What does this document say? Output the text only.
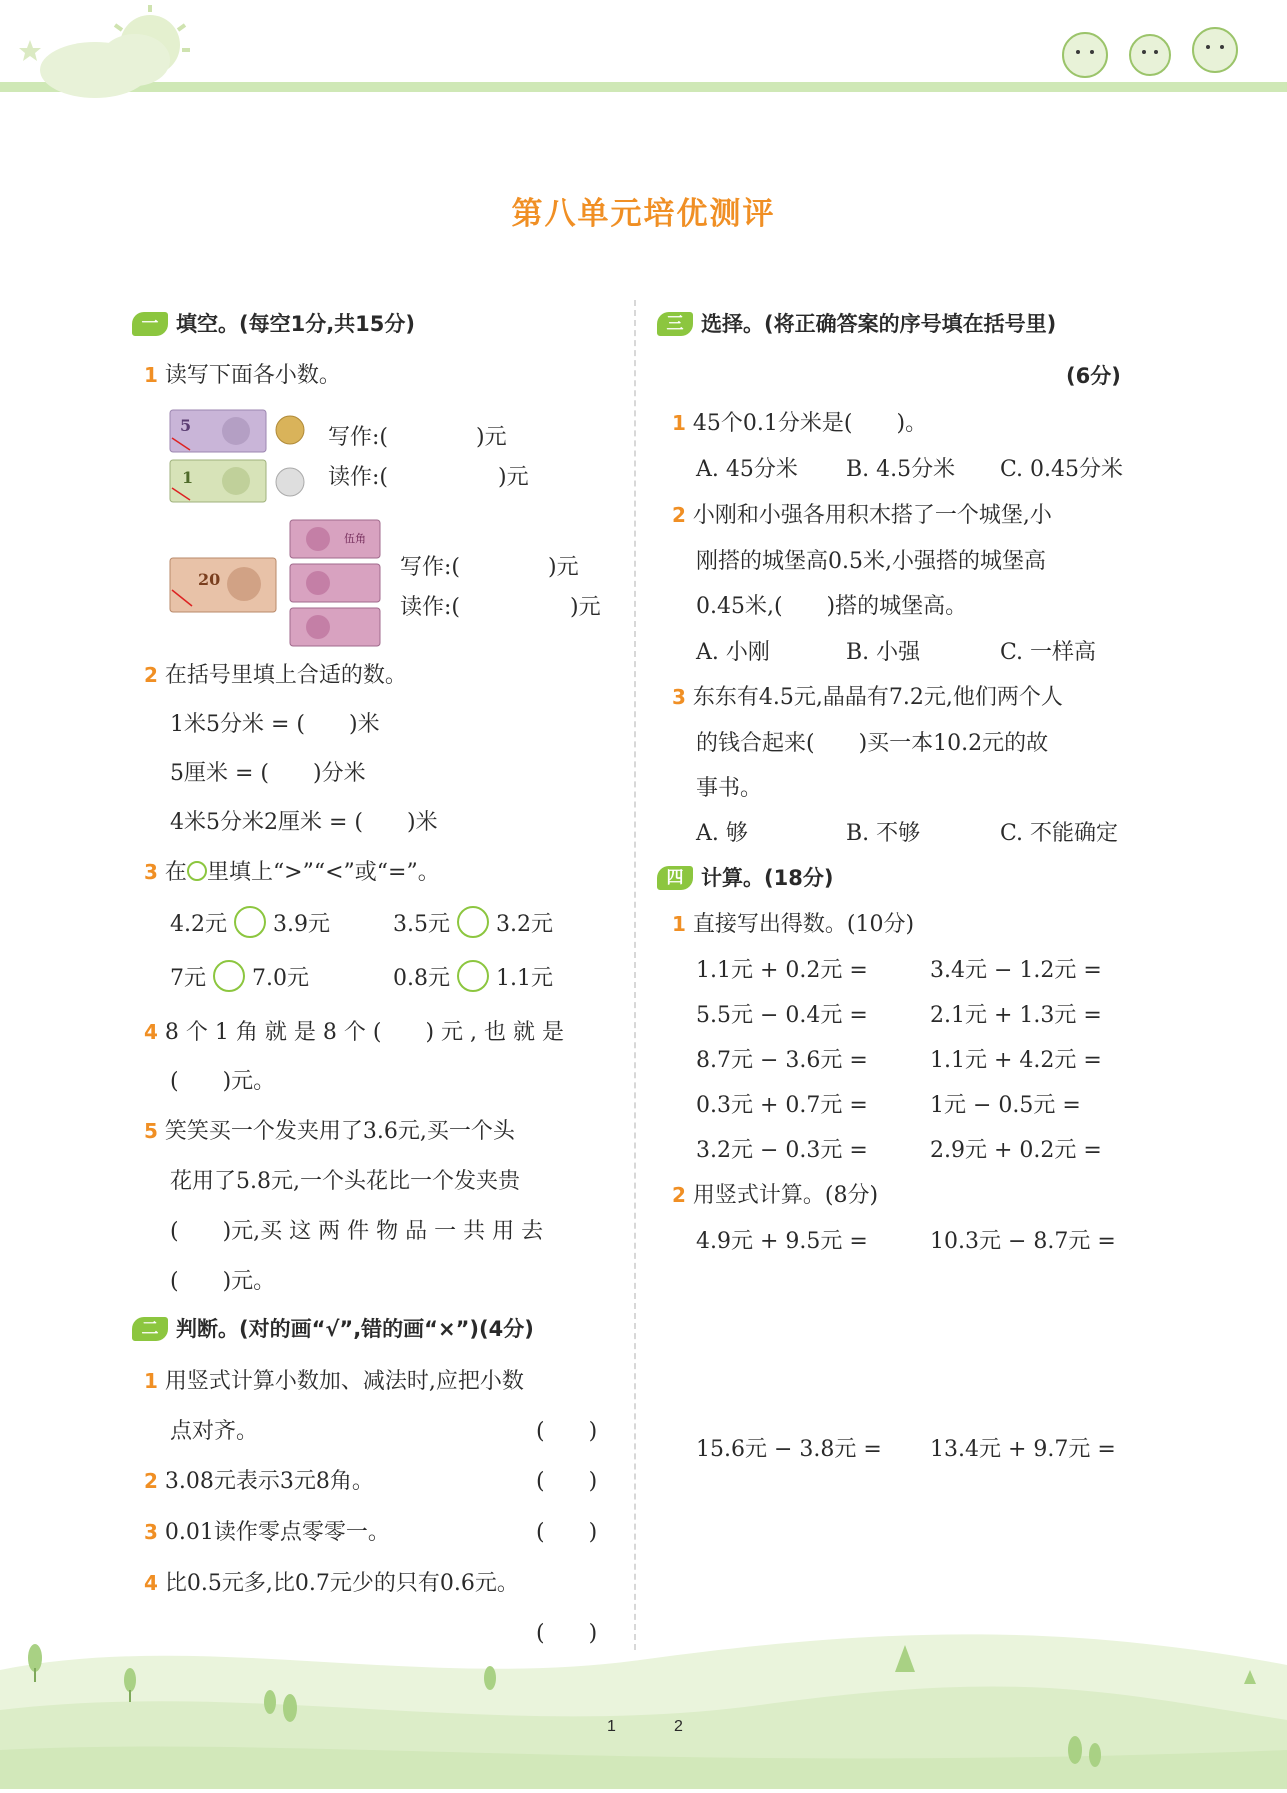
第八单元培优测评
一 填空。(每空1分,共15分)
1 读写下面各小数。
5
1
写作:(　　　　)元
读作:(　　　　　)元
20
伍角
写作:(　　　　)元
读作:(　　　　　)元
2 在括号里填上合适的数。
1米5分米 = (　　)米
5厘米 = (　　)分米
4米5分米2厘米 = (　　)米
3 在 里填上“>”“<”或“=”。
4.2元 3.9元	3.5元 3.2元
7元 7.0元	0.8元 1.1元
4 8 个 1 角 就 是 8 个 (　　) 元 , 也 就 是
(　　)元。
5 笑笑买一个发夹用了3.6元,买一个头
花用了5.8元,一个头花比一个发夹贵
(　　)元,买 这 两 件 物 品 一 共 用 去
(　　)元。
二 判断。(对的画“√”,错的画“×”)(4分)
1 用竖式计算小数加、减法时,应把小数
点对齐。	(　　)
2 3.08元表示3元8角。	(　　)
3 0.01读作零点零零一。	(　　)
4 比0.5元多,比0.7元少的只有0.6元。
(　　)
三 选择。(将正确答案的序号填在括号里)
(6分)
1 45个0.1分米是(　　)。
A. 45分米 B. 4.5分米 C. 0.45分米
2 小刚和小强各用积木搭了一个城堡,小
刚搭的城堡高0.5米,小强搭的城堡高
0.45米,(　　)搭的城堡高。
A. 小刚	B. 小强	C. 一样高
3 东东有4.5元,晶晶有7.2元,他们两个人
的钱合起来(　　)买一本10.2元的故
事书。
A. 够	B. 不够	C. 不能确定
四 计算。(18分)
1 直接写出得数。(10分)
1.1元 + 0.2元 =	3.4元 − 1.2元 =
5.5元 − 0.4元 =	2.1元 + 1.3元 =
8.7元 − 3.6元 =	1.1元 + 4.2元 =
0.3元 + 0.7元 =	1元 − 0.5元 =
3.2元 − 0.3元 =	2.9元 + 0.2元 =
2 用竖式计算。(8分)
4.9元 + 9.5元 =	10.3元 − 8.7元 =
15.6元 − 3.8元 = 13.4元 + 9.7元 =
1	2
